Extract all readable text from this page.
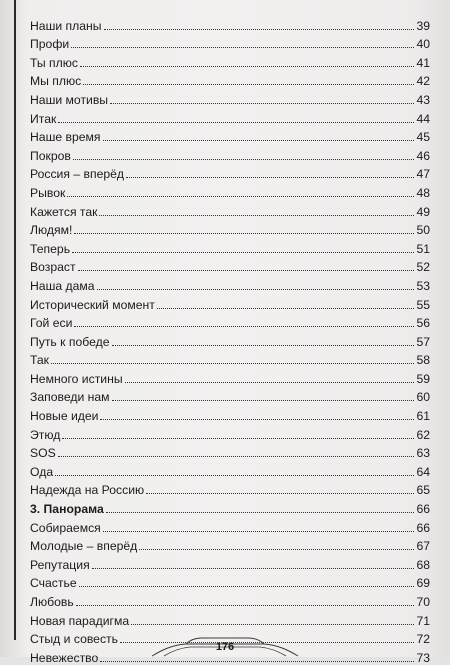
Наши планы	39
Профи	40
Ты плюс	41
Мы плюс	42
Наши мотивы	43
Итак	44
Наше время	45
Покров	46
Россия – вперёд	47
Рывок	48
Кажется так	49
Людям!	50
Теперь	51
Возраст	52
Наша дама	53
Исторический момент	55
Гой еси	56
Путь к победе	57
Так	58
Немного истины	59
Заповеди нам	60
Новые идеи	61
Этюд	62
SOS	63
Ода	64
Надежда на Россию	65
3. Панорама	66
Собираемся	66
Молодые – вперёд	67
Репутация	68
Счастье	69
Любовь	70
Новая парадигма	71
Стыд и совесть	72
Невежество	73
176
